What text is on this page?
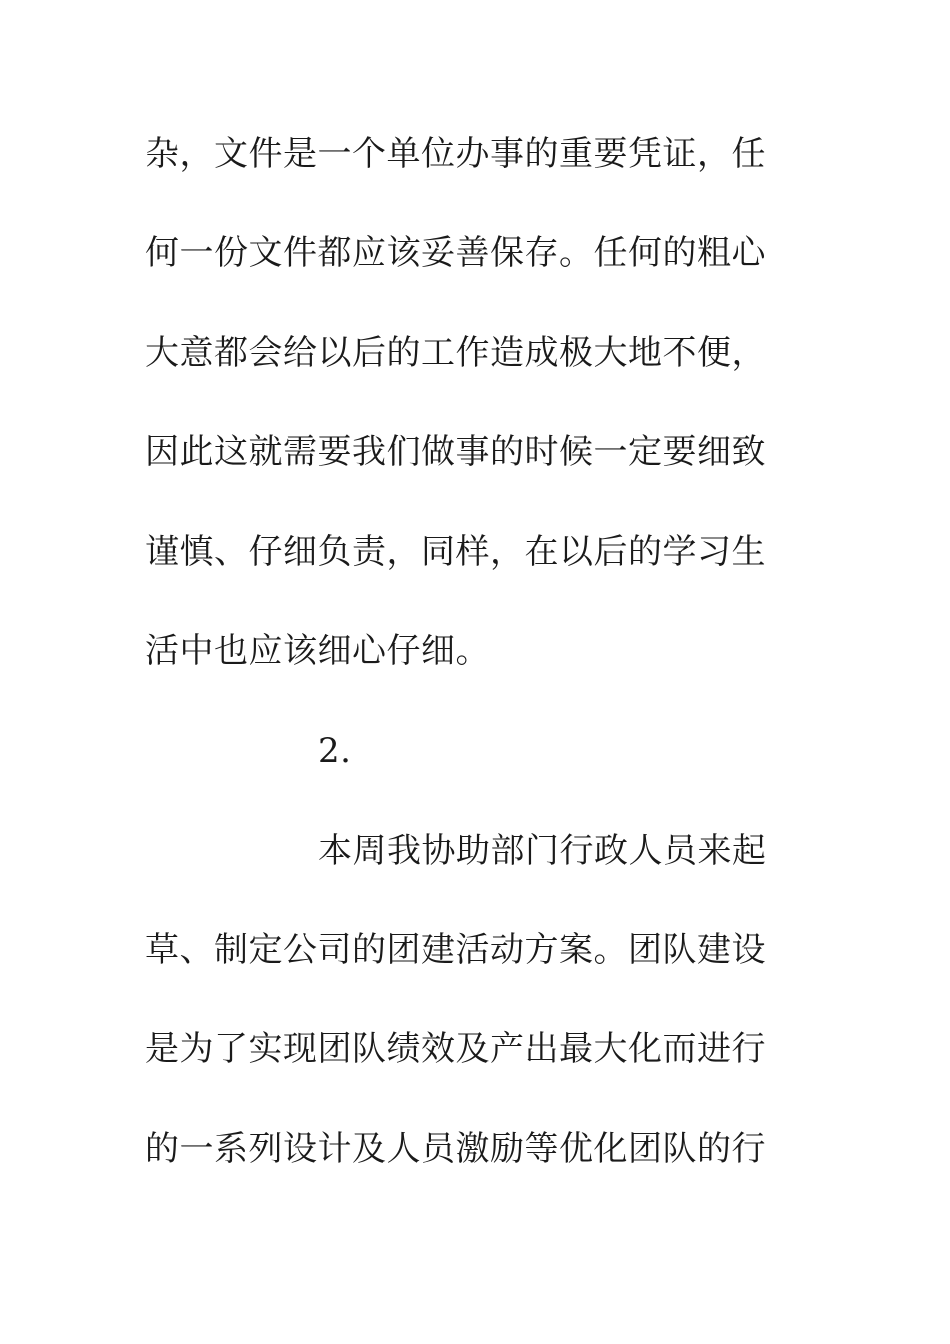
杂，文件是一个单位办事的重要凭证，任
何一份文件都应该妥善保存。任何的粗心
大意都会给以后的工作造成极大地不便，
因此这就需要我们做事的时候一定要细致
谨慎、仔细负责，同样，在以后的学习生
活中也应该细心仔细。
2.
本周我协助部门行政人员来起
草、制定公司的团建活动方案。团队建设
是为了实现团队绩效及产出最大化而进行
的一系列设计及人员激励等优化团队的行
